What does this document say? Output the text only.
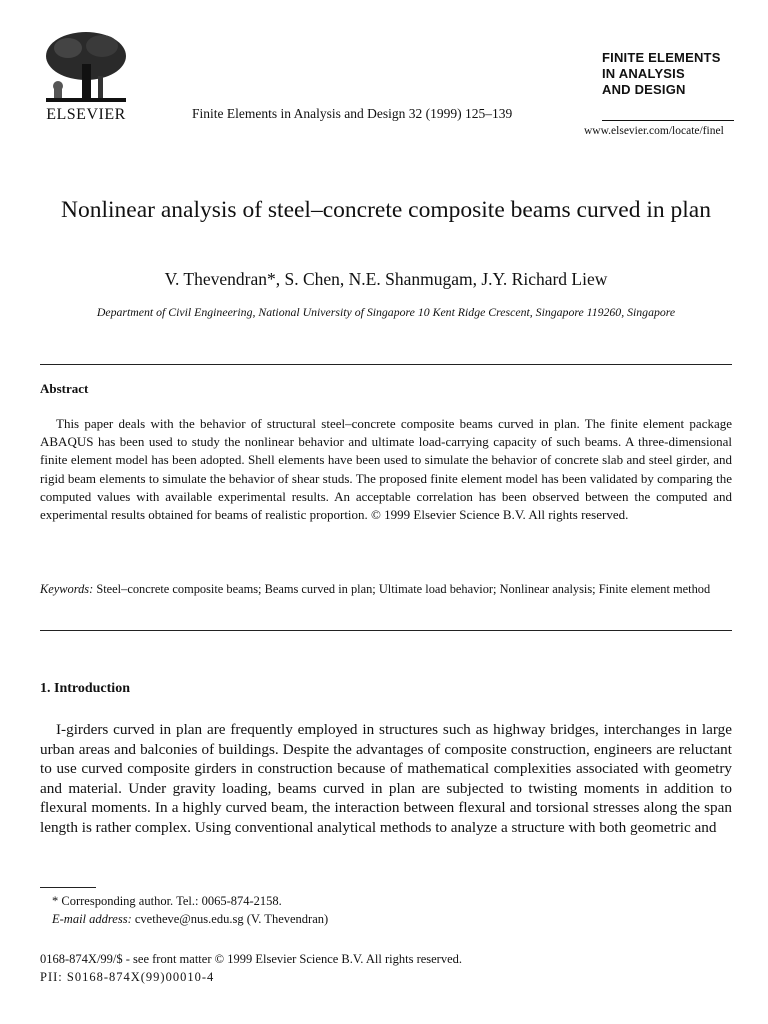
ELSEVIER	Finite Elements in Analysis and Design 32 (1999) 125–139
FINITE ELEMENTS
IN ANALYSIS
AND DESIGN
www.elsevier.com/locate/finel
Nonlinear analysis of steel–concrete composite beams curved in plan
V. Thevendran*, S. Chen, N.E. Shanmugam, J.Y. Richard Liew
Department of Civil Engineering, National University of Singapore 10 Kent Ridge Crescent, Singapore 119260, Singapore
Abstract
This paper deals with the behavior of structural steel–concrete composite beams curved in plan. The finite element package ABAQUS has been used to study the nonlinear behavior and ultimate load-carrying capacity of such beams. A three-dimensional finite element model has been adopted. Shell elements have been used to simulate the behavior of concrete slab and steel girder, and rigid beam elements to simulate the behavior of shear studs. The proposed finite element model has been validated by comparing the computed values with available experimental results. An acceptable correlation has been observed between the computed and experimental results obtained for beams of realistic proportion. © 1999 Elsevier Science B.V. All rights reserved.
Keywords: Steel–concrete composite beams; Beams curved in plan; Ultimate load behavior; Nonlinear analysis; Finite element method
1. Introduction
I-girders curved in plan are frequently employed in structures such as highway bridges, interchanges in large urban areas and balconies of buildings. Despite the advantages of composite construction, engineers are reluctant to use curved composite girders in construction because of mathematical complexities associated with geometry and material. Under gravity loading, beams curved in plan are subjected to twisting moments in addition to flexural moments. In a highly curved beam, the interaction between flexural and torsional stresses along the span length is rather complex. Using conventional analytical methods to analyze a structure with both geometric and
* Corresponding author. Tel.: 0065-874-2158.
E-mail address: cvetheve@nus.edu.sg (V. Thevendran)
0168-874X/99/$ - see front matter © 1999 Elsevier Science B.V. All rights reserved.
PII: S0168-874X(99)00010-4
